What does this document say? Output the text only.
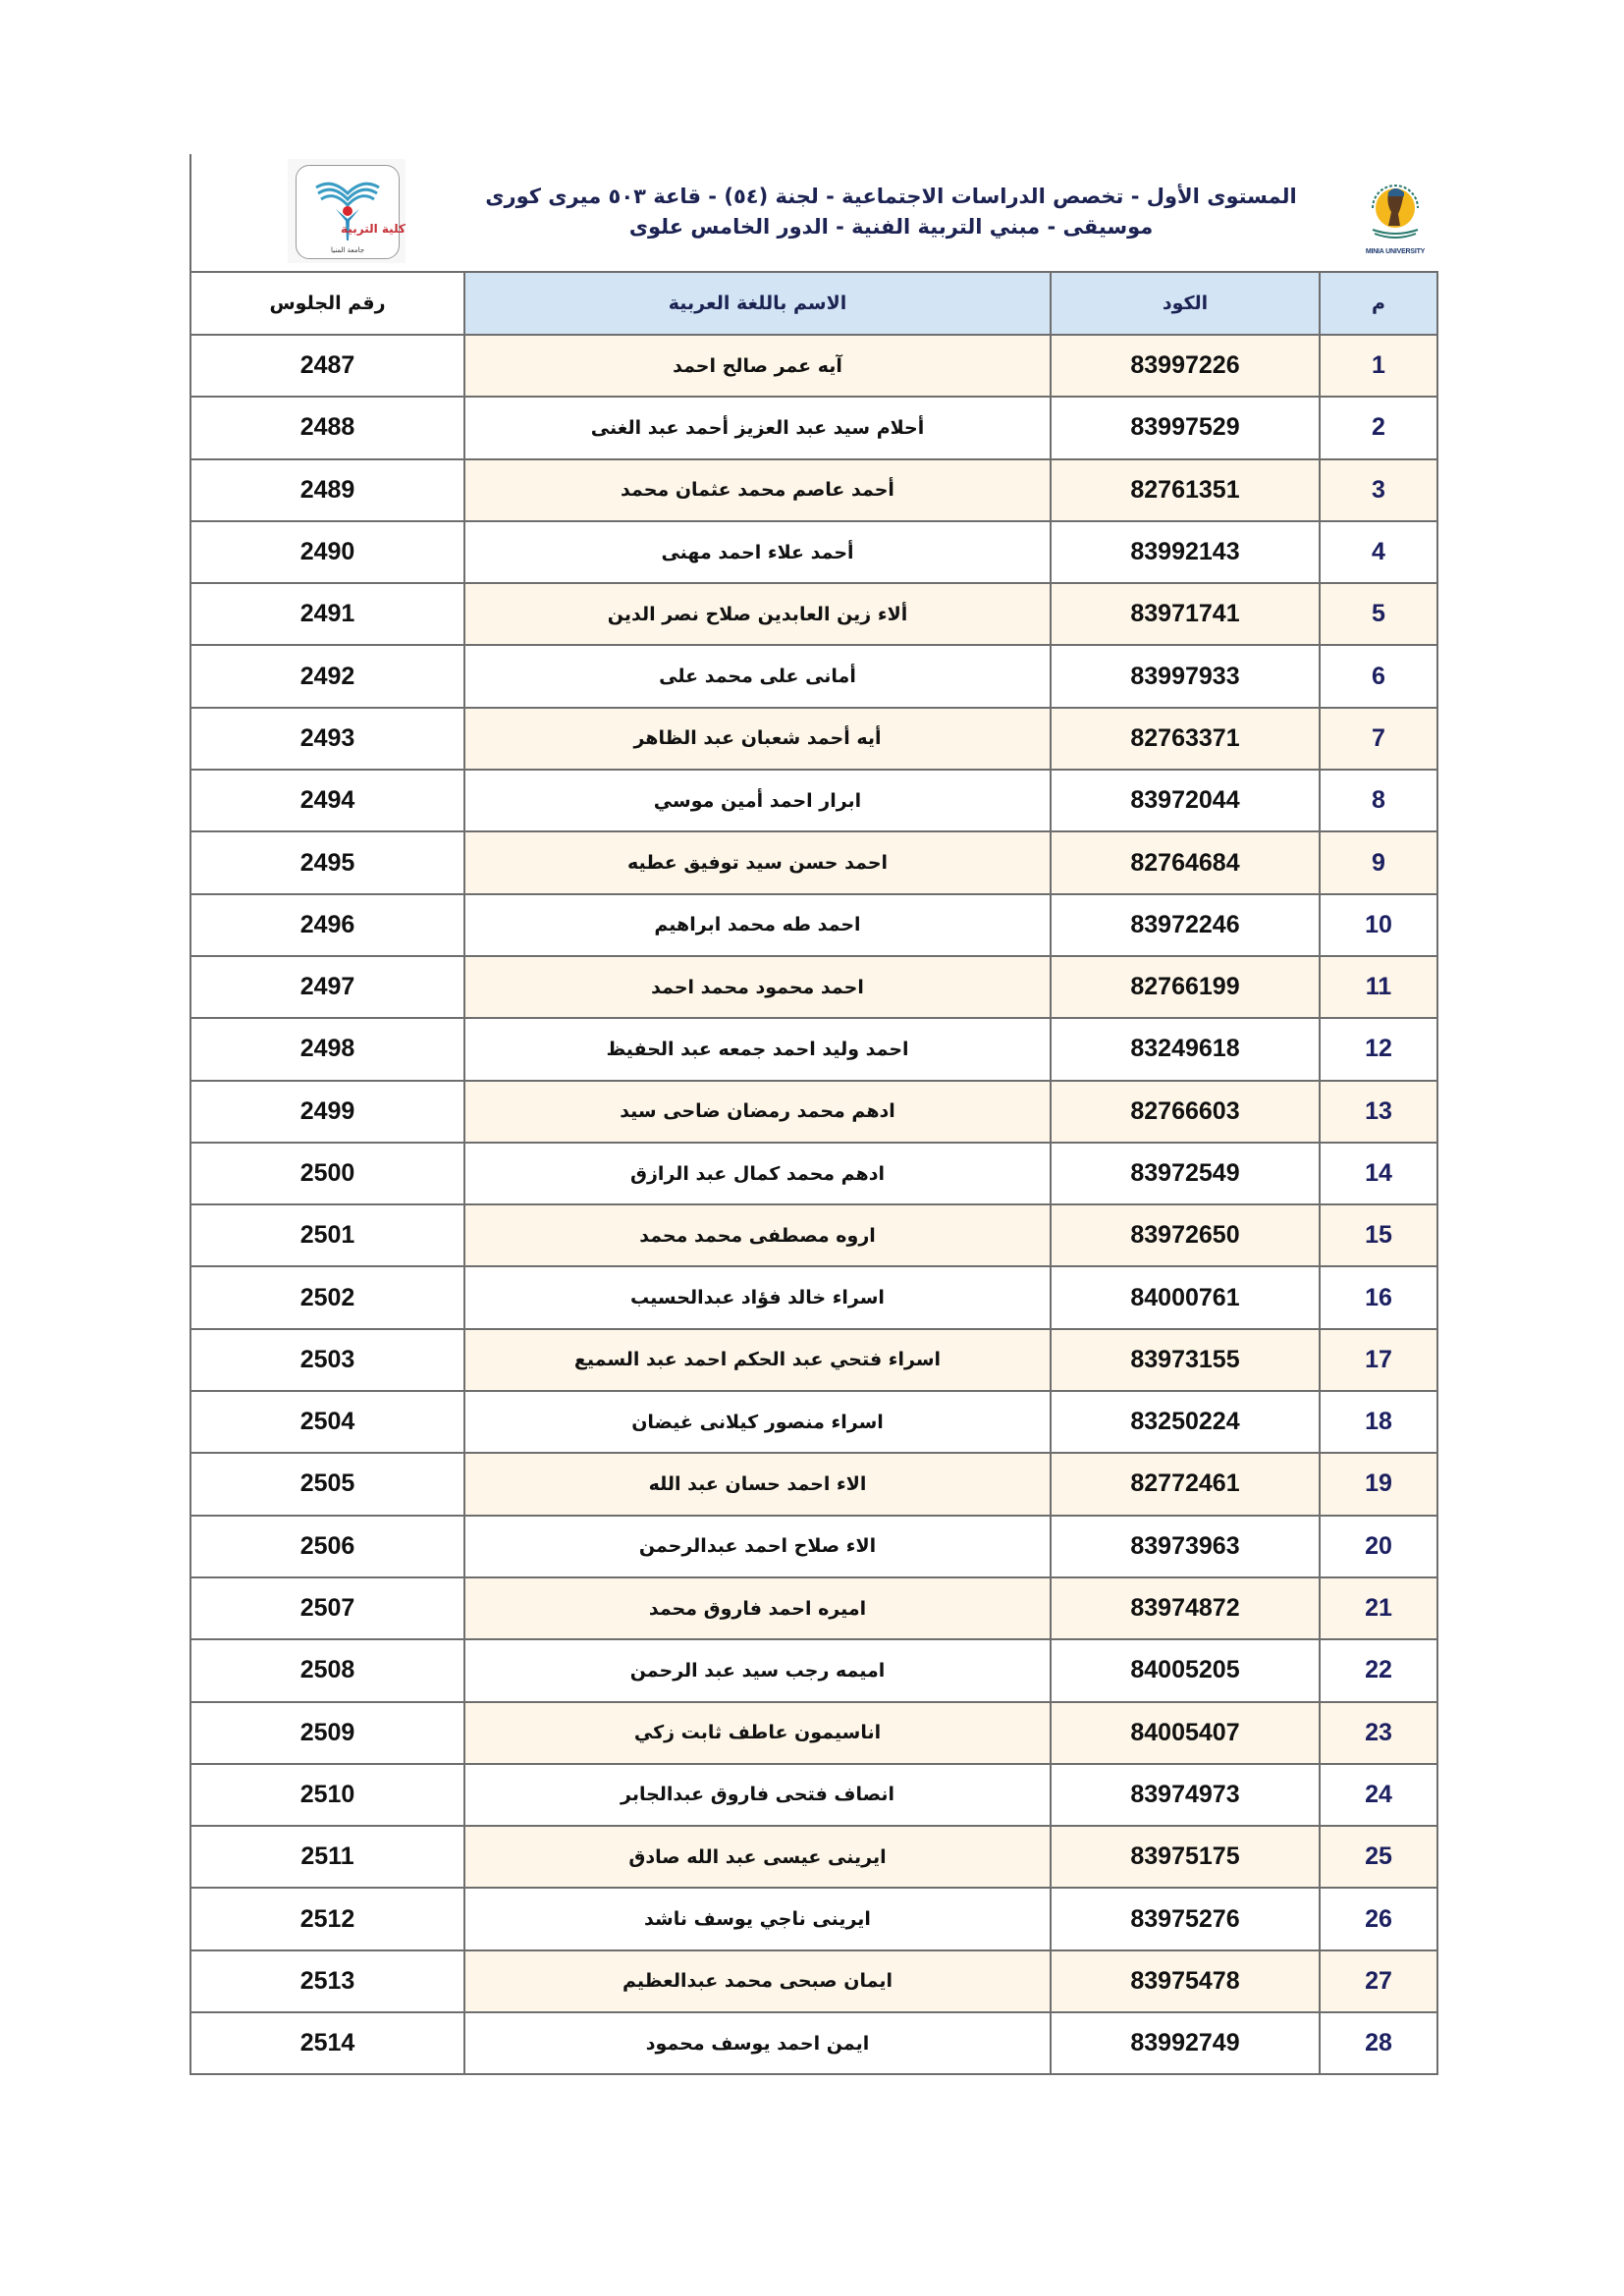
كلية التربية
جامعة المنيا
المستوى الأول - تخصص الدراسات الاجتماعية - لجنة (٥٤) - قاعة ٥٠٣ ميرى كورى
موسيقى - مبني التربية الفنية - الدور الخامس علوى
MINIA UNIVERSITY
رقم الجلوس	الاسم باللغة العربية	الكود	م
2487	آيه عمر صالح احمد	83997226	1
2488	أحلام سيد عبد العزيز أحمد عبد الغنى	83997529	2
2489	أحمد عاصم محمد عثمان محمد	82761351	3
2490	أحمد علاء احمد مهنى	83992143	4
2491	ألاء زين العابدين صلاح نصر الدين	83971741	5
2492	أمانى على محمد على	83997933	6
2493	أيه أحمد شعبان عبد الظاهر	82763371	7
2494	ابرار احمد أمين موسي	83972044	8
2495	احمد حسن سيد توفيق عطيه	82764684	9
2496	احمد طه محمد ابراهيم	83972246	10
2497	احمد محمود محمد احمد	82766199	11
2498	احمد وليد احمد جمعه عبد الحفيظ	83249618	12
2499	ادهم محمد رمضان ضاحى سيد	82766603	13
2500	ادهم محمد كمال عبد الرازق	83972549	14
2501	اروه مصطفى محمد محمد	83972650	15
2502	اسراء خالد فؤاد عبدالحسيب	84000761	16
2503	اسراء فتحي عبد الحكم احمد عبد السميع	83973155	17
2504	اسراء منصور كيلانى غيضان	83250224	18
2505	الاء احمد حسان عبد الله	82772461	19
2506	الاء صلاح احمد عبدالرحمن	83973963	20
2507	اميره احمد فاروق محمد	83974872	21
2508	اميمه رجب سيد عبد الرحمن	84005205	22
2509	اناسيمون عاطف ثابت زكي	84005407	23
2510	انصاف فتحى فاروق عبدالجابر	83974973	24
2511	ايرينى عيسى عبد الله صادق	83975175	25
2512	ايرينى ناجي يوسف ناشد	83975276	26
2513	ايمان صبحى محمد عبدالعظيم	83975478	27
2514	ايمن احمد يوسف محمود	83992749	28
